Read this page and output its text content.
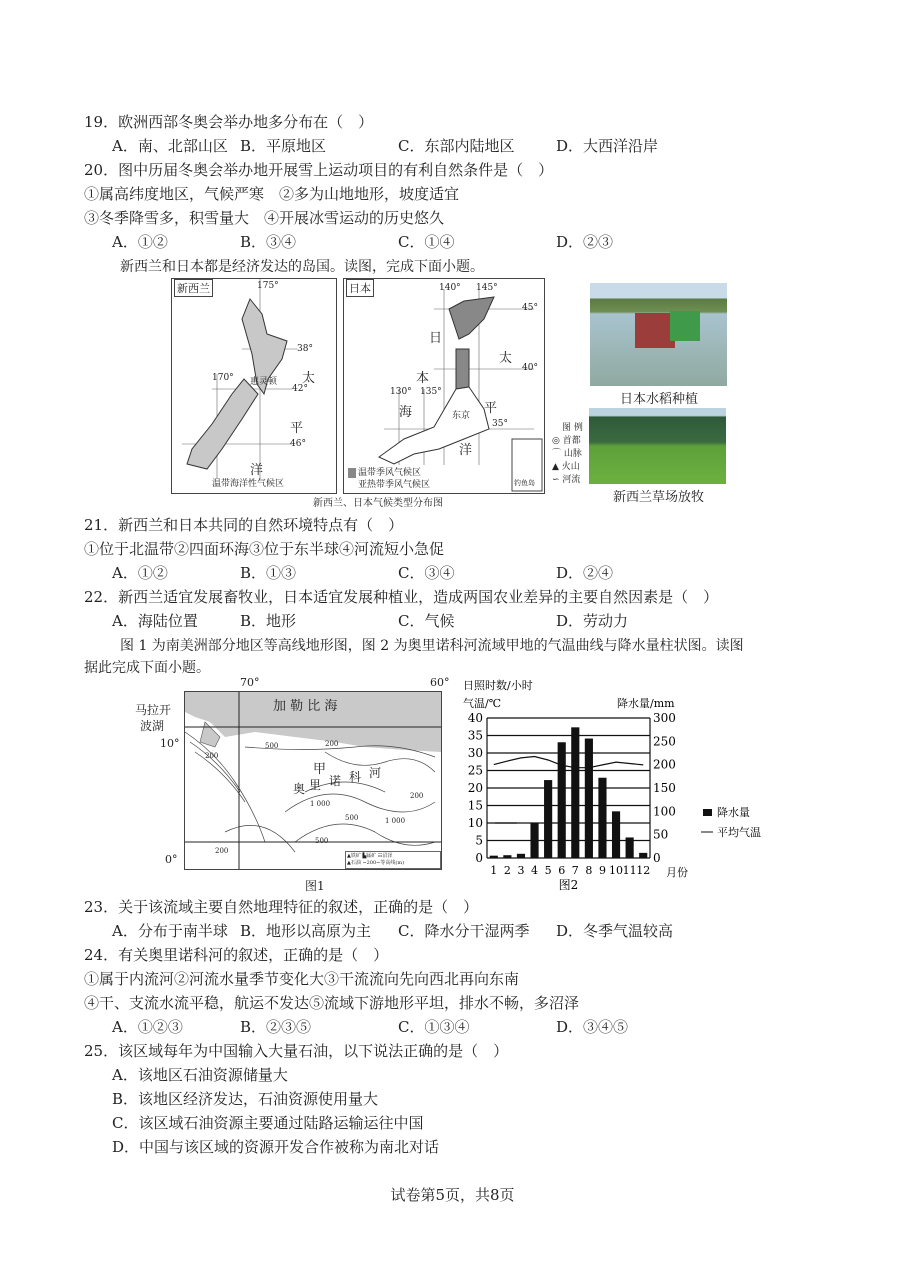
19．欧洲西部冬奥会举办地多分布在（　）
A．南、北部山区 B．平原地区	C．东部内陆地区	D．大西洋沿岸
20．图中历届冬奥会举办地开展雪上运动项目的有利自然条件是（　）
①属高纬度地区，气候严寒　②多为山地地形，坡度适宜
③冬季降雪多，积雪量大　④开展冰雪运动的历史悠久
A．①②	B．③④	C．①④	D．②③
新西兰和日本都是经济发达的岛国。读图，完成下面小题。
新西兰	175°
170°
38°
42°
46°
惠灵顿 太
平
洋
温带海洋性气候区
日本	140° 145°
130° 135°
45°
40°
35°
日
本
海
太
平
洋
东京
温带季风气候区
亚热带季风气候区	钓鱼岛
新西兰、日本气候类型分布图
图 例
◎ 首都
⌒ 山脉
▲ 火山
∽ 河流
日本水稻种植
新西兰草场放牧
21．新西兰和日本共同的自然环境特点有（　）
①位于北温带②四面环海③位于东半球④河流短小急促
A．①②	B．①③	C．③④	D．②④
22．新西兰适宜发展畜牧业，日本适宜发展种植业，造成两国农业差异的主要自然因素是（　）
A．海陆位置	B．地形	C．气候	D．劳动力
图 1 为南美洲部分地区等高线地形图，图 2 为奥里诺科河流域甲地的气温曲线与降水量柱状图。读图
据此完成下面小题。
加 勒 比 海
甲
奥 里 诺 科 河
200
500
1 000
200
500	1 000
200
200
500
▲铁矿 ▙锰矿 ☷沼泽
▲石油 ~200~等高线(m)
70°	60°
10°
0°
马拉开
波湖
图1
0
5
10
15
20
25
30
35
40
0
50
100
150
200
250
300
1 2 3 4 5 6 7 8 9 10 11 12 月份
日照时数/小时
气温/℃	降水量/mm
图2
降水量
平均气温
23．关于该流域主要自然地理特征的叙述，正确的是（　）
A．分布于南半球 B．地形以高原为主 C．降水分干湿两季 D．冬季气温较高
24．有关奥里诺科河的叙述，正确的是（　）
①属于内流河②河流水量季节变化大③干流流向先向西北再向东南
④干、支流水流平稳，航运不发达⑤流域下游地形平坦，排水不畅，多沼泽
A．①②③	B．②③⑤	C．①③④	D．③④⑤
25．该区域每年为中国输入大量石油，以下说法正确的是（　）
A．该地区石油资源储量大
B．该地区经济发达，石油资源使用量大
C．该区域石油资源主要通过陆路运输运往中国
D．中国与该区域的资源开发合作被称为南北对话
试卷第5页，共8页
